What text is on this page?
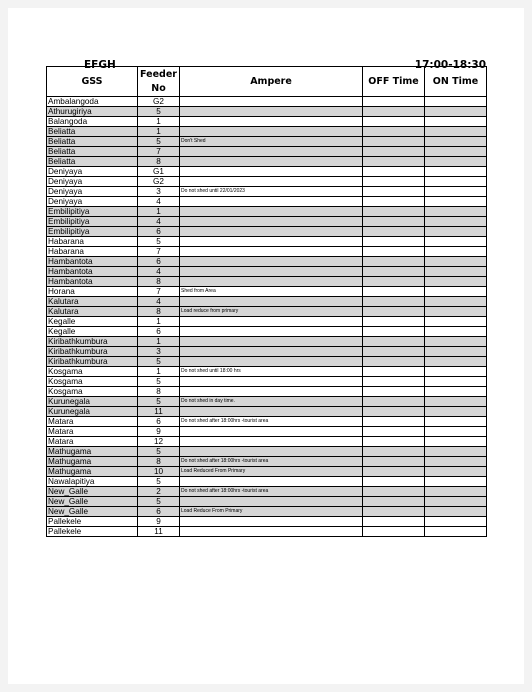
EFGH	17:00-18:30
GSS	Feeder No	Ampere	OFF Time	ON Time
Ambalangoda	G2			
Athurugiriya	5			
Balangoda	1			
Beliatta	1			
Beliatta	5	Don't Shed		
Beliatta	7			
Beliatta	8			
Deniyaya	G1			
Deniyaya	G2			
Deniyaya	3	Do not shed until 22/01/2023		
Deniyaya	4			
Embilipitiya	1			
Embilipitiya	4			
Embilipitiya	6			
Habarana	5			
Habarana	7			
Hambantota	6			
Hambantota	4			
Hambantota	8			
Horana	7	Shed from Area		
Kalutara	4			
Kalutara	8	Load reduce from primary		
Kegalle	1			
Kegalle	6			
Kiribathkumbura	1			
Kiribathkumbura	3			
Kiribathkumbura	5			
Kosgama	1	Do not shed until 18:00 hrs		
Kosgama	5			
Kosgama	8			
Kurunegala	5	Do not shed in day time.		
Kurunegala	11			
Matara	6	Do not shed after 18:00hrs -tourist area		
Matara	9			
Matara	12			
Mathugama	5			
Mathugama	8	Do not shed after 18:00hrs -tourist area		
Mathugama	10	Load Reduced From Primary		
Nawalapitiya	5			
New_Galle	2	Do not shed after 18:00hrs -tourist area		
New_Galle	5			
New_Galle	6	Load Reduce From Primary		
Pallekele	9			
Pallekele	11			
